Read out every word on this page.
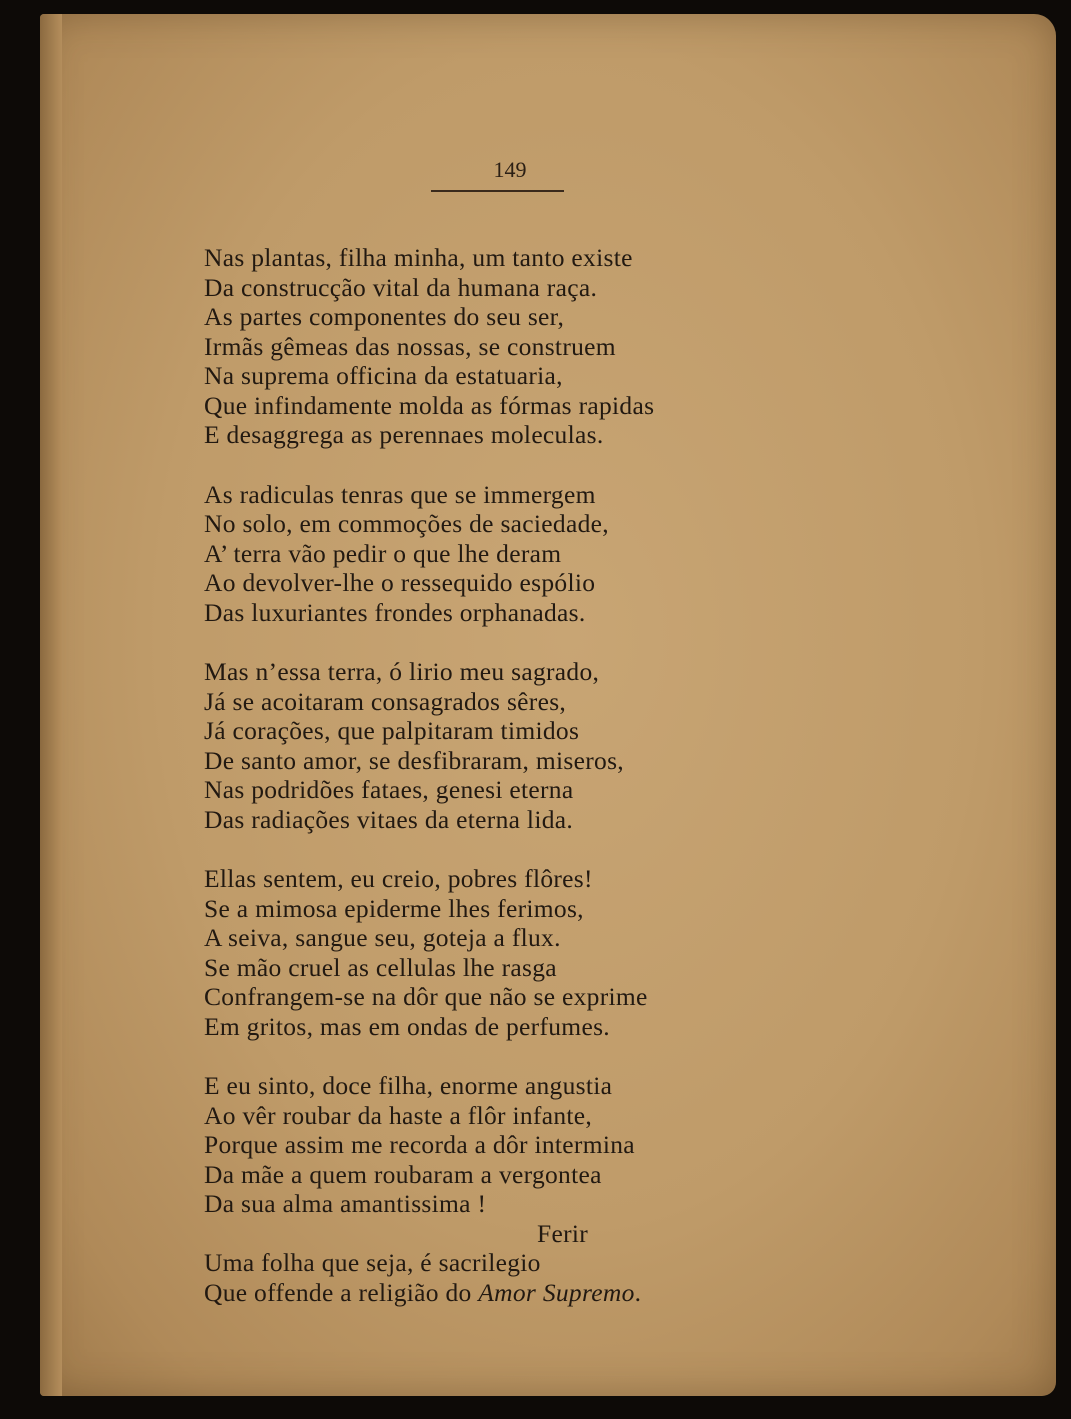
149
Nas plantas, filha minha, um tanto existe
Da construcção vital da humana raça.
As partes componentes do seu ser,
Irmãs gêmeas das nossas, se construem
Na suprema officina da estatuaria,
Que infindamente molda as fórmas rapidas
E desaggrega as perennaes moleculas.
As radiculas tenras que se immergem
No solo, em commoções de saciedade,
A’ terra vão pedir o que lhe deram
Ao devolver-lhe o ressequido espólio
Das luxuriantes frondes orphanadas.
Mas n’essa terra, ó lirio meu sagrado,
Já se acoitaram consagrados sêres,
Já corações, que palpitaram timidos
De santo amor, se desfibraram, miseros,
Nas podridões fataes, genesi eterna
Das radiações vitaes da eterna lida.
Ellas sentem, eu creio, pobres flôres!
Se a mimosa epiderme lhes ferimos,
A seiva, sangue seu, goteja a flux.
Se mão cruel as cellulas lhe rasga
Confrangem-se na dôr que não se exprime
Em gritos, mas em ondas de perfumes.
E eu sinto, doce filha, enorme angustia
Ao vêr roubar da haste a flôr infante,
Porque assim me recorda a dôr intermina
Da mãe a quem roubaram a vergontea
Da sua alma amantissima !
Ferir
Uma folha que seja, é sacrilegio
Que offende a religião do Amor Supremo.
